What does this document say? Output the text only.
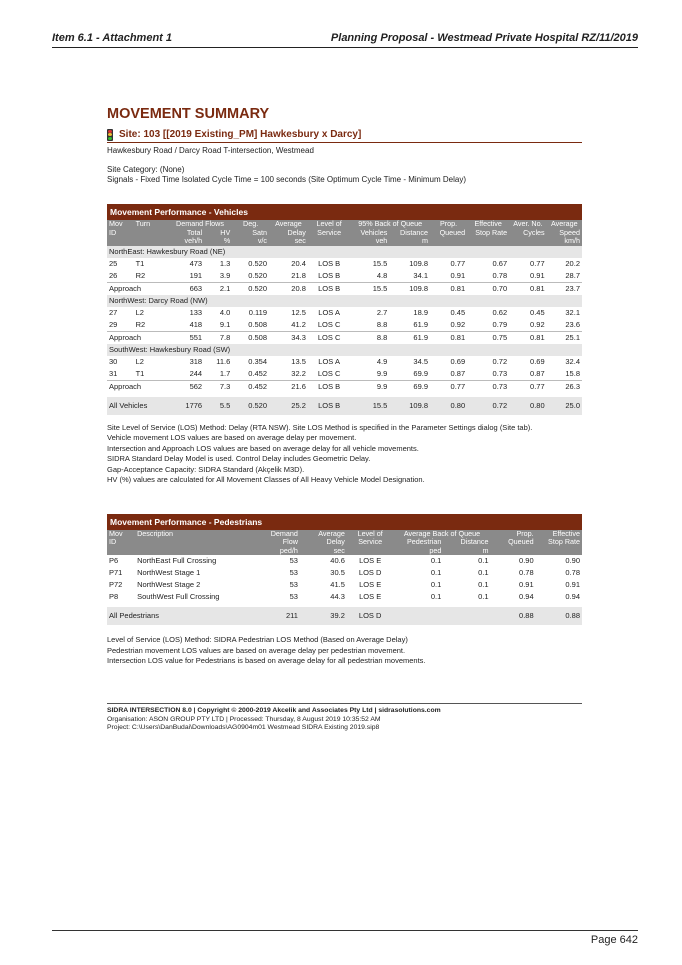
Item 6.1 - Attachment 1	Planning Proposal - Westmead Private Hospital RZ/11/2019
MOVEMENT SUMMARY
Site: 103 [[2019 Existing_PM] Hawkesbury x Darcy]
Hawkesbury Road / Darcy Road T-intersection, Westmead
Site Category: (None)
Signals - Fixed Time Isolated Cycle Time = 100 seconds (Site Optimum Cycle Time - Minimum Delay)
Movement Performance - Vehicles												
Mov	Turn	Demand Flows		Deg.	Average	Level of	95% Back of Queue		Prop.	Effective	Aver. No.	Average
ID		Total	HV	Satn	Delay	Service	Vehicles	Distance	Queued	Stop Rate	Cycles	Speed
		veh/h	%	v/c	sec		veh	m				km/h
NorthEast: Hawkesbury Road (NE)												
25	T1	473	1.3	0.520	20.4	LOS B	15.5	109.8	0.77	0.67	0.77	20.2
26	R2	191	3.9	0.520	21.8	LOS B	4.8	34.1	0.91	0.78	0.91	28.7
Approach		663	2.1	0.520	20.8	LOS B	15.5	109.8	0.81	0.70	0.81	23.7
NorthWest: Darcy Road (NW)												
27	L2	133	4.0	0.119	12.5	LOS A	2.7	18.9	0.45	0.62	0.45	32.1
29	R2	418	9.1	0.508	41.2	LOS C	8.8	61.9	0.92	0.79	0.92	23.6
Approach		551	7.8	0.508	34.3	LOS C	8.8	61.9	0.81	0.75	0.81	25.1
SouthWest: Hawkesbury Road (SW)												
30	L2	318	11.6	0.354	13.5	LOS A	4.9	34.5	0.69	0.72	0.69	32.4
31	T1	244	1.7	0.452	32.2	LOS C	9.9	69.9	0.87	0.73	0.87	15.8
Approach		562	7.3	0.452	21.6	LOS B	9.9	69.9	0.77	0.73	0.77	26.3

All Vehicles		1776	5.5	0.520	25.2	LOS B	15.5	109.8	0.80	0.72	0.80	25.0
Site Level of Service (LOS) Method: Delay (RTA NSW). Site LOS Method is specified in the Parameter Settings dialog (Site tab).
Vehicle movement LOS values are based on average delay per movement.
Intersection and Approach LOS values are based on average delay for all vehicle movements.
SIDRA Standard Delay Model is used. Control Delay includes Geometric Delay.
Gap-Acceptance Capacity: SIDRA Standard (Akçelik M3D).
HV (%) values are calculated for All Movement Classes of All Heavy Vehicle Model Designation.
Movement Performance - Pedestrians								
Mov	Description	Demand	Average	Level of	Average Back of Queue		Prop.	Effective
ID		Flow	Delay	Service	Pedestrian	Distance	Queued	Stop Rate
		ped/h	sec		ped	m		
P6	NorthEast Full Crossing	53	40.6	LOS E	0.1	0.1	0.90	0.90
P71	NorthWest Stage 1	53	30.5	LOS D	0.1	0.1	0.78	0.78
P72	NorthWest Stage 2	53	41.5	LOS E	0.1	0.1	0.91	0.91
P8	SouthWest Full Crossing	53	44.3	LOS E	0.1	0.1	0.94	0.94

All Pedestrians		211	39.2	LOS D			0.88	0.88
Level of Service (LOS) Method: SIDRA Pedestrian LOS Method (Based on Average Delay)
Pedestrian movement LOS values are based on average delay per pedestrian movement.
Intersection LOS value for Pedestrians is based on average delay for all pedestrian movements.
SIDRA INTERSECTION 8.0 | Copyright © 2000-2019 Akcelik and Associates Pty Ltd | sidrasolutions.com
Organisation: ASON GROUP PTY LTD | Processed: Thursday, 8 August 2019 10:35:52 AM
Project: C:\Users\DanBudai\Downloads\AG0904m01 Westmead SIDRA Existing 2019.sip8
Page 642
